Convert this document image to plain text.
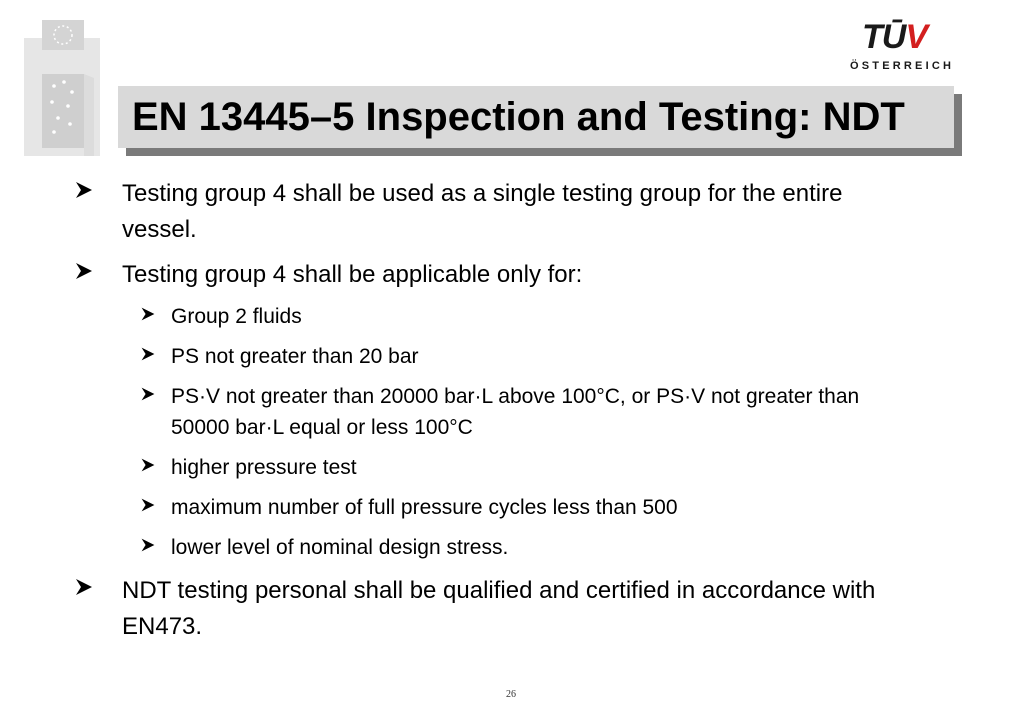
TŪV
ÖSTERREICH
EN 13445–5 Inspection and Testing: NDT
Testing group 4 shall be used as a single testing group for the entire
vessel.
Testing group 4 shall be applicable only for:
Group 2 fluids
PS not greater than 20 bar
PS·V not greater than 20000 bar·L above 100°C, or PS·V not greater than
50000 bar·L equal or less 100°C
higher pressure test
maximum number of full pressure cycles less than 500
lower level of nominal design stress.
NDT testing personal shall be qualified and certified in accordance with
EN473.
26
